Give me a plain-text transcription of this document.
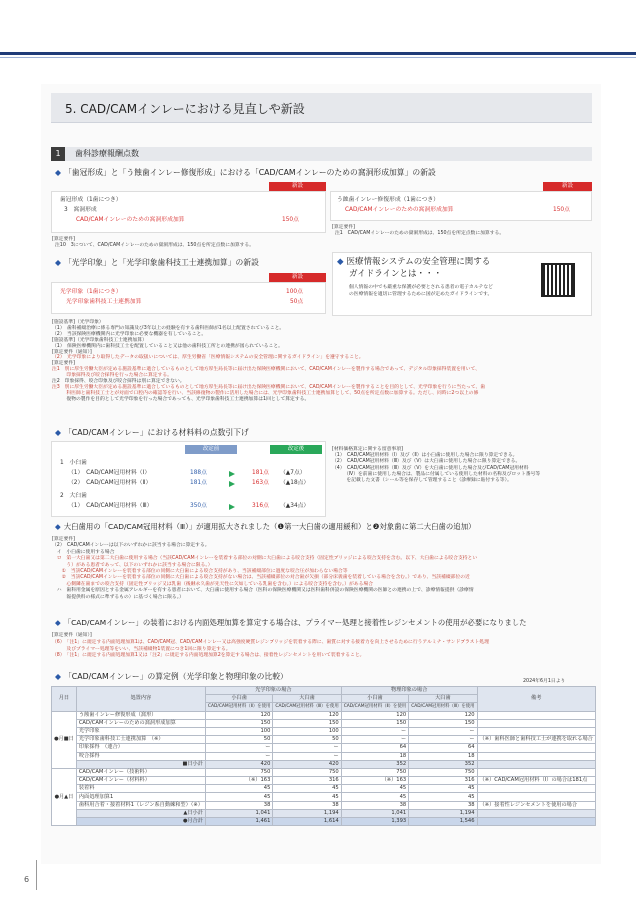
5. CAD/CAMインレーにおける見直しや新設
1	歯科診療報酬点数
◆ 「歯冠形成」と「う蝕歯インレー修復形成」における「CAD/CAMインレーのための窩洞形成加算」の新設
新設
歯冠形成（1歯につき）
3　窩洞形成
CAD/CAMインレーのための窩洞形成加算	150点
新設
う蝕歯インレー修復形成（1歯につき）
CAD/CAMインレーのための窩洞形成加算	150点
[算定要件]
注10　3について、CAD/CAMインレーのための窩洞形成は、150点を所定点数に加算する。
[算定要件]
注1　CAD/CAMインレーのための窩洞形成は、150点を所定点数に加算する。
◆ 「光学印象」と「光学印象歯科技工士連携加算」の新設
新設
光学印象（1歯につき）	100点
光学印象歯科技工士連携加算	50点
◆ 医療情報システムの安全管理に関する
ガイドラインとは・・・
個人情報の中でも厳重な保護が必要とされる患者の電子カルテなど
の医療情報を適切に管理するために国が定めたガイドラインです。
[施設基準]（光学印象）
（1）　歯科補綴治療に係る専門の知識及び3年以上の経験を有する歯科医師が1名以上配置されていること。
（2）　当該保険医療機関内に光学印象に必要な機器を有していること。
[施設基準]（光学印象歯科技工士連携加算）
（1）　保険医療機関内に歯科技工士を配置していること又は他の歯科技工所との連携が図られていること。
[算定要件（通知）]
（2）　光学印象により取得したデータの取扱いについては、厚生労働省「医療情報システムの安全管理に関するガイドライン」を遵守すること。
[算定要件]
注1　別に厚生労働大臣が定める施設基準に適合しているものとして地方厚生局長等に届け出た保険医療機関において、CAD/CAMインレーを製作する場合であって、デジタル印象採得装置を用いて、
　　　印象採得及び咬合採得を行った場合に算定する。
注2　印象採得、咬合印象及び咬合採得は別に算定できない。
注3　別に厚生労働大臣が定める施設基準に適合しているものとして地方厚生局長等に届け出た保険医療機関において、CAD/CAMインレーを製作することを目的として、光学印象を行うに当たって、歯
　　　科医師と歯科技工士とが対面で口腔内の確認等を行い、当該修復物の製作に活用した場合には、光学印象歯科技工士連携加算として、50点を所定点数に加算する。ただし、同時に2つ以上の修
　　　復物の製作を目的として光学印象を行った場合であっても、光学印象歯科技工士連携加算は1回として算定する。
◆ 「CAD/CAMインレー」における材料料の点数引下げ
改定前	改定後
1　小臼歯
（1）　CAD/CAM冠用材料（Ⅰ）	188点	181点 （▲7点）
（2）　CAD/CAM冠用材料（Ⅱ）	181点	163点 （▲18点）
2　大臼歯
（1）　CAD/CAM冠用材料（Ⅲ）	350点	316点 （▲34点）
[材料価格算定に関する留意事項]
（1）　CAD/CAM冠用材料（Ⅰ）及び（Ⅱ）は小臼歯に使用した場合に限り算定できる。
（2）　CAD/CAM冠用材料（Ⅲ）及び（Ⅴ）は大臼歯に使用した場合に限り算定できる。
（4）　CAD/CAM冠用材料（Ⅲ）及び（Ⅴ）を大臼歯に使用した場合及びCAD/CAM冠用材料
　　　（Ⅳ）を前歯に使用した場合は、製品に付属している使用した材料の名称及びロット番号等
　　　を記載した文書（シール等を保存して管理すること（診療録に貼付する等）。
◆ 大臼歯用の「CAD/CAM冠用材料（Ⅲ）」が適用拡大されました（❶第一大臼歯の適用緩和）と❷対象歯に第二大臼歯の追加）
[算定要件]
（2）　CAD/CAMインレーは以下のいずれかに該当する場合に算定する。
　イ　小臼歯に使用する場合
　ロ　第一大臼歯又は第二大臼歯に使用する場合（当該CAD/CAMインレーを装着する部位の対側に大臼歯による咬合支持（固定性ブリッジによる咬合支持を含む。以下、大臼歯による咬合支持とい
　　　う）がある患者であって、以下のいずれかに該当する場合に限る。）
　　①　当該CAD/CAMインレーを装着する部位の同側に大臼歯による咬合支持があり、当該補綴部位に過度な咬合圧が加わらない場合等
　　②　当該CAD/CAMインレーを装着する部位の同側に大臼歯による咬合支持がない場合は、当該補綴部位の対合歯が欠損（部分床義歯を装着している場合を含む。）であり、当該補綴部位の近
　　　心側隣在歯までの咬合支持（固定性ブリッジ又は乳歯（後継永久歯が先天性に欠如している乳歯を含む。）による咬合支持を含む。）がある場合
　ハ　歯科用金属を原因とする金属アレルギーを有する患者において、大臼歯に使用する場合（医科の保険医療機関又は医科歯科併設の保険医療機関の医師との連携の上で、診療情報提供（診療情
　　　報提供料の様式に準ずるもの）に基づく場合に限る。）
◆ 「CAD/CAMインレー」の装着における内面処理加算を算定する場合は、プライマー処理と接着性レジンセメントの使用が必要になりました
[算定要件（通知）]
（6）　「注1」に規定する内面処理加算1は、CAD/CAM冠、CAD/CAMインレー又は高強度硬質レジンブリッジを装着する際に、歯質に対する接着力を向上させるために行うアルミナ・サンドブラスト処理
　　　及びプライマー処理等をいい、当該補綴物1装置につき1回に限り算定する。
（8）　「注1」に規定する内面処理加算1又は「注2」に規定する内面処理加算2を算定する場合は、接着性レジンセメントを用いて装着すること。
◆ 「CAD/CAMインレー」の算定例（光学印象と物理印象の比較）
2024年6月1日より
月日	処置内容	光学印象の場合		物理印象の場合		備考
		小臼歯	大臼歯	小臼歯	大臼歯	
		CAD/CAM冠用材料（Ⅱ）を使用	CAD/CAM冠用材料（Ⅲ）を使用	CAD/CAM冠用材料（Ⅱ）を使用	CAD/CAM冠用材料（Ⅲ）を使用	
●月■日	う蝕歯インレー修復形成（窩形）	120	120	120	120	
	CAD/CAMインレーのための窩洞形成加算	150	150	150	150	
	光学印象	100	100	ー	ー	
	光学印象歯科技工士連携加算　（※）	50	50	ー	ー	（※）歯科医師と歯科技工士が連携を取れる場合
	印象採得　（連合）	ー	ー	64	64	
	咬合採得	ー	ー	18	18	
	■日小計	420	420	352	352	
●月▲日	CAD/CAMインレー（技術料）	750	750	750	750	
	CAD/CAMインレー（材料料）	（※）163	316	（※）163	316	（※）CAD/CAM冠用材料（Ⅰ）の場合は181点
	装着料	45	45	45	45	
	内面処理加算1	45	45	45	45	
	歯科用合着・接着材料1（レジン系自動練和型）（※）	38	38	38	38	（※）接着性レジンセメントを使用の場合
	▲日小計	1,041	1,194	1,041	1,194	
	●月合計	1,461	1,614	1,393	1,546	
6
